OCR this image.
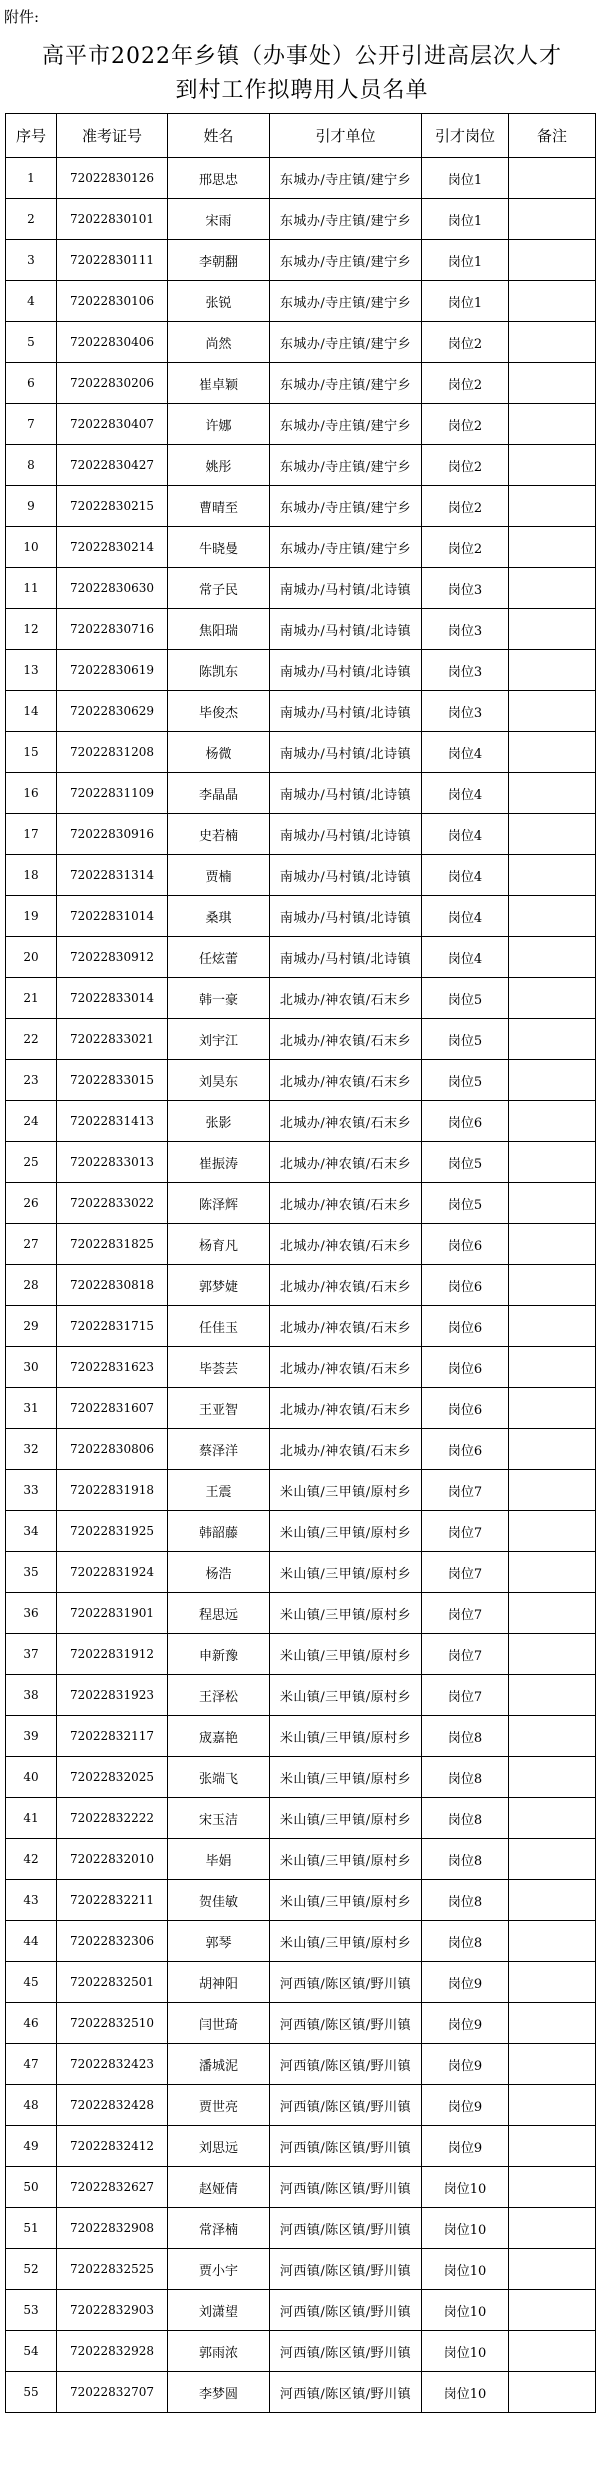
附件:
高平市2022年乡镇（办事处）公开引进高层次人才
到村工作拟聘用人员名单
序号	准考证号	姓名	引才单位	引才岗位	备注
1	72022830126	邢思忠	东城办/寺庄镇/建宁乡	岗位1	
2	72022830101	宋雨	东城办/寺庄镇/建宁乡	岗位1	
3	72022830111	李朝翻	东城办/寺庄镇/建宁乡	岗位1	
4	72022830106	张锐	东城办/寺庄镇/建宁乡	岗位1	
5	72022830406	尚然	东城办/寺庄镇/建宁乡	岗位2	
6	72022830206	崔卓颖	东城办/寺庄镇/建宁乡	岗位2	
7	72022830407	许娜	东城办/寺庄镇/建宁乡	岗位2	
8	72022830427	姚彤	东城办/寺庄镇/建宁乡	岗位2	
9	72022830215	曹晴至	东城办/寺庄镇/建宁乡	岗位2	
10	72022830214	牛晓曼	东城办/寺庄镇/建宁乡	岗位2	
11	72022830630	常子民	南城办/马村镇/北诗镇	岗位3	
12	72022830716	焦阳瑞	南城办/马村镇/北诗镇	岗位3	
13	72022830619	陈凯东	南城办/马村镇/北诗镇	岗位3	
14	72022830629	毕俊杰	南城办/马村镇/北诗镇	岗位3	
15	72022831208	杨微	南城办/马村镇/北诗镇	岗位4	
16	72022831109	李晶晶	南城办/马村镇/北诗镇	岗位4	
17	72022830916	史若楠	南城办/马村镇/北诗镇	岗位4	
18	72022831314	贾楠	南城办/马村镇/北诗镇	岗位4	
19	72022831014	桑琪	南城办/马村镇/北诗镇	岗位4	
20	72022830912	任炫蕾	南城办/马村镇/北诗镇	岗位4	
21	72022833014	韩一豪	北城办/神农镇/石末乡	岗位5	
22	72022833021	刘宇江	北城办/神农镇/石末乡	岗位5	
23	72022833015	刘昊东	北城办/神农镇/石末乡	岗位5	
24	72022831413	张影	北城办/神农镇/石末乡	岗位6	
25	72022833013	崔振涛	北城办/神农镇/石末乡	岗位5	
26	72022833022	陈泽辉	北城办/神农镇/石末乡	岗位5	
27	72022831825	杨育凡	北城办/神农镇/石末乡	岗位6	
28	72022830818	郭梦婕	北城办/神农镇/石末乡	岗位6	
29	72022831715	任佳玉	北城办/神农镇/石末乡	岗位6	
30	72022831623	毕荟芸	北城办/神农镇/石末乡	岗位6	
31	72022831607	王亚智	北城办/神农镇/石末乡	岗位6	
32	72022830806	蔡泽洋	北城办/神农镇/石末乡	岗位6	
33	72022831918	王震	米山镇/三甲镇/原村乡	岗位7	
34	72022831925	韩韶藤	米山镇/三甲镇/原村乡	岗位7	
35	72022831924	杨浩	米山镇/三甲镇/原村乡	岗位7	
36	72022831901	程思远	米山镇/三甲镇/原村乡	岗位7	
37	72022831912	申新豫	米山镇/三甲镇/原村乡	岗位7	
38	72022831923	王泽松	米山镇/三甲镇/原村乡	岗位7	
39	72022832117	宬嘉艳	米山镇/三甲镇/原村乡	岗位8	
40	72022832025	张端飞	米山镇/三甲镇/原村乡	岗位8	
41	72022832222	宋玉洁	米山镇/三甲镇/原村乡	岗位8	
42	72022832010	毕娟	米山镇/三甲镇/原村乡	岗位8	
43	72022832211	贺佳敏	米山镇/三甲镇/原村乡	岗位8	
44	72022832306	郭琴	米山镇/三甲镇/原村乡	岗位8	
45	72022832501	胡神阳	河西镇/陈区镇/野川镇	岗位9	
46	72022832510	闫世琦	河西镇/陈区镇/野川镇	岗位9	
47	72022832423	潘城泥	河西镇/陈区镇/野川镇	岗位9	
48	72022832428	贾世亮	河西镇/陈区镇/野川镇	岗位9	
49	72022832412	刘思远	河西镇/陈区镇/野川镇	岗位9	
50	72022832627	赵娅倩	河西镇/陈区镇/野川镇	岗位10	
51	72022832908	常泽楠	河西镇/陈区镇/野川镇	岗位10	
52	72022832525	贾小宇	河西镇/陈区镇/野川镇	岗位10	
53	72022832903	刘潇望	河西镇/陈区镇/野川镇	岗位10	
54	72022832928	郭雨浓	河西镇/陈区镇/野川镇	岗位10	
55	72022832707	李梦圆	河西镇/陈区镇/野川镇	岗位10	
